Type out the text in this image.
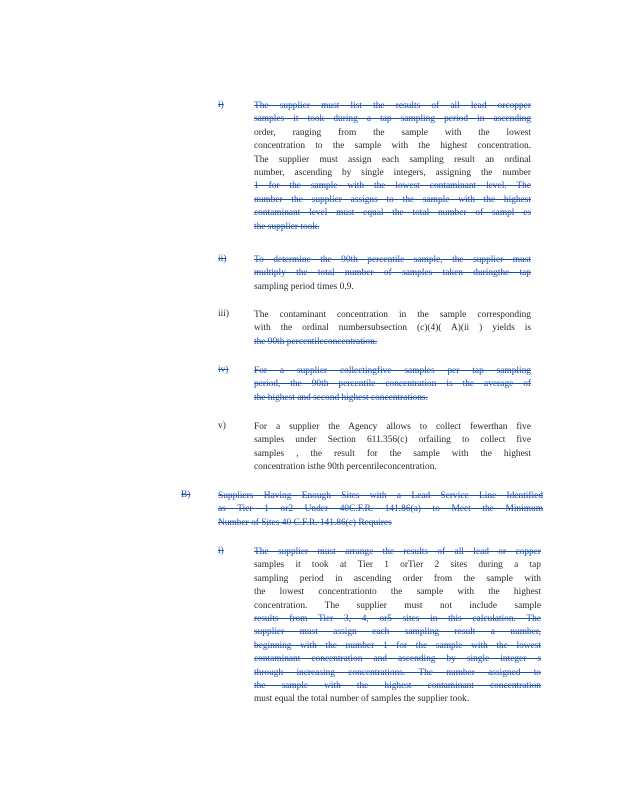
i)	The supplier must list the results of all lead orcopper
samples it took during a tap sampling period in ascending
order, ranging from the sample with the lowest
concentration to the sample with the highest concentration.
The supplier must assign each sampling result an ordinal
number, ascending by single integers, assigning the number
1 for the sample with the lowest contaminant level. The
number the supplier assigns to the sample with the highest
contaminant level must equal the total number of sampl es
the supplier took.
ii)	To determine the 90th percentile sample, the supplier must
multiply the total number of samples taken duringthe tap
sampling period times 0.9.
iii)	The contaminant concentration in the sample corresponding
with the ordinal numbersubsection (c)(4)( A)(ii ) yields is
the 90th percentileconcentration.
iv)	For a supplier collectingfive samples per tap sampling
period, the 90th percentile concentration is the average of
the highest and second highest concentrations.
v)	For a supplier the Agency allows to collect fewerthan five
samples under Section 611.356(c) orfailing to collect five
samples , the result for the sample with the highest
concentration isthe 90th percentileconcentration.
B)	Suppliers Having Enough Sites with a Lead Service Line Identified
as Tier 1 or2 Under 40C.F.R. 141.86(a) to Meet the Minimum
Number of Sites 40 C.F.R. 141.86(c) Requires
i)	The supplier must arrange the results of all lead or copper
samples it took at Tier 1 orTier 2 sites during a tap
sampling period in ascending order from the sample with
the lowest concentrationto the sample with the highest
concentration. The supplier must not include sample
results from Tier 3, 4, or5 sites in this calculation. The
supplier must assign each sampling result a number,
beginning with the number 1 for the sample with the lowest
contaminant concentration and ascending by single integer s
through increasing concentrations. The number assigned to
the sample with the highest contaminant concentration
must equal the total number of samples the supplier took.
